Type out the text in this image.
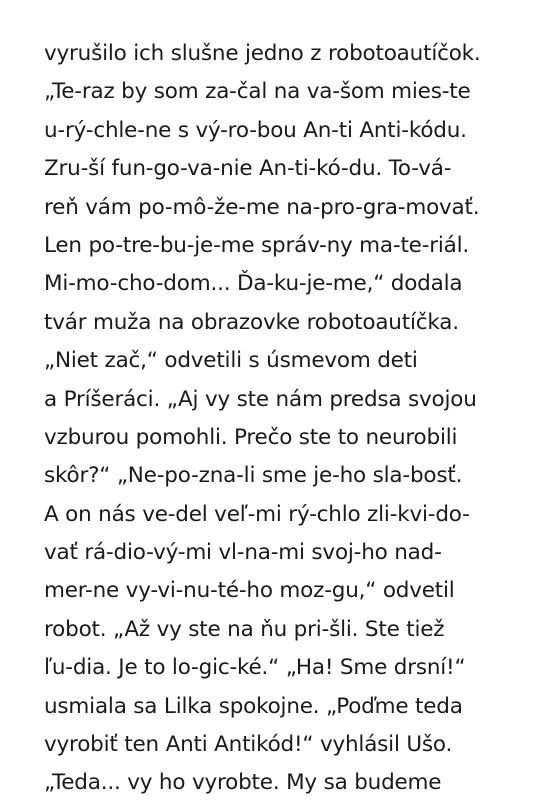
vyrušilo ich slušne jedno z robotoautíčok.
„Te-raz by som za-čal na va-šom mies-te
u-rý-chle-ne s vý-ro-bou An-ti Anti-kódu.
Zru-ší fun-go-va-nie An-ti-kó-du. To-vá-
reň vám po-mô-že-me na-pro-gra-movať.
Len po-tre-bu-je-me správ-ny ma-te-riál.
Mi-mo-cho-dom... Ďa-ku-je-me,“ dodala
tvár muža na obrazovke robotoautíčka.
„Niet zač,“ odvetili s úsmevom deti
a Príšeráci. „Aj vy ste nám predsa svojou
vzburou pomohli. Prečo ste to neurobili
skôr?“ „Ne-po-zna-li sme je-ho sla-bosť.
A on nás ve-del veľ-mi rý-chlo zli-kvi-do-
vať rá-dio-vý-mi vl-na-mi svoj-ho nad-
mer-ne vy-vi-nu-té-ho moz-gu,“ odvetil
robot. „Až vy ste na ňu pri-šli. Ste tiež
ľu-dia. Je to lo-gic-ké.“ „Ha! Sme drsní!“
usmiala sa Lilka spokojne. „Poďme teda
vyrobiť ten Anti Antikód!“ vyhlásil Ušo.
„Teda... vy ho vyrobte. My sa budeme
